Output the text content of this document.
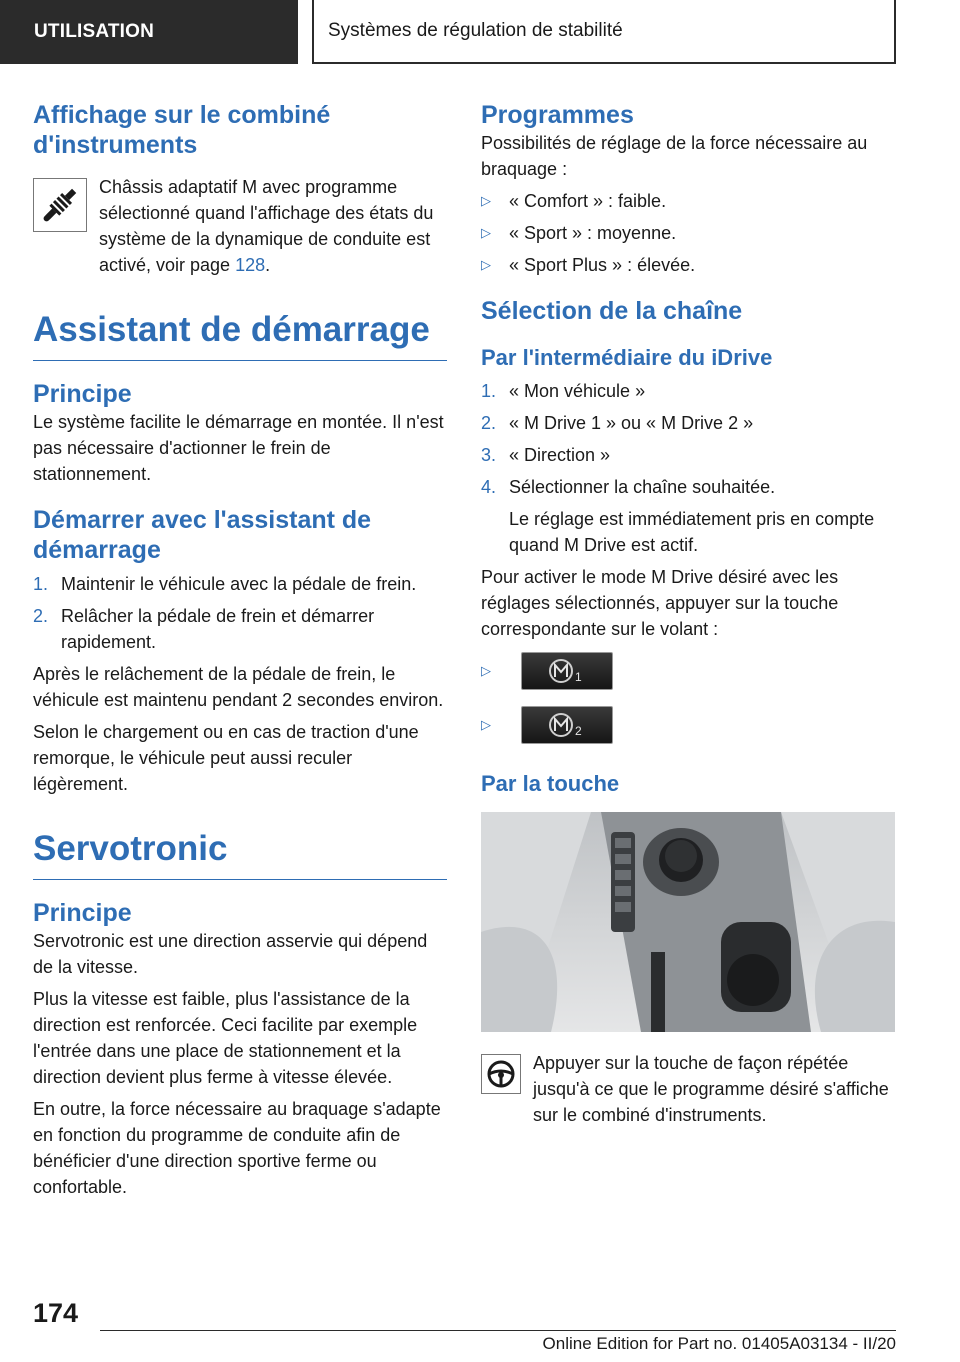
UTILISATION	Systèmes de régulation de stabilité
Affichage sur le combiné d'instruments

Châssis adaptatif M avec programme sélectionné quand l'affichage des états du système de la dynamique de conduite est activé, voir page 128.

Assistant de démarrage
Principe

Le système facilite le démarrage en montée. Il n'est pas nécessaire d'actionner le frein de stationnement.

Démarrer avec l'assistant de démarrage
1. Maintenir le véhicule avec la pédale de frein.
2. Relâcher la pédale de frein et démarrer rapidement.

Après le relâchement de la pédale de frein, le véhicule est maintenu pendant 2 secondes environ.

Selon le chargement ou en cas de traction d'une remorque, le véhicule peut aussi reculer légèrement.

Servotronic
Principe

Servotronic est une direction asservie qui dépend de la vitesse.

Plus la vitesse est faible, plus l'assistance de la direction est renforcée. Ceci facilite par exemple l'entrée dans une place de stationnement et la direction devient plus ferme à vitesse élevée.

En outre, la force nécessaire au braquage s'adapte en fonction du programme de conduite afin de bénéficier d'une direction sportive ferme ou confortable.

Programmes

Possibilités de réglage de la force nécessaire au braquage :

▷	« Comfort » : faible.
▷	« Sport » : moyenne.
▷	« Sport Plus » : élevée.
Sélection de la chaîne
Par l'intermédiaire du iDrive
1. « Mon véhicule »
2. « M Drive 1 » ou « M Drive 2 »
3. « Direction »
4. Sélectionner la chaîne souhaitée.

Le réglage est immédiatement pris en compte quand M Drive est actif.

Pour activer le mode M Drive désiré avec les réglages sélectionnés, appuyer sur la touche correspondante sur le volant :

▷	1
▷	2
Par la touche

Appuyer sur la touche de façon répétée jusqu'à ce que le programme désiré s'affiche sur le combiné d'instruments.

174
Online Edition for Part no. 01405A03134 - II/20
